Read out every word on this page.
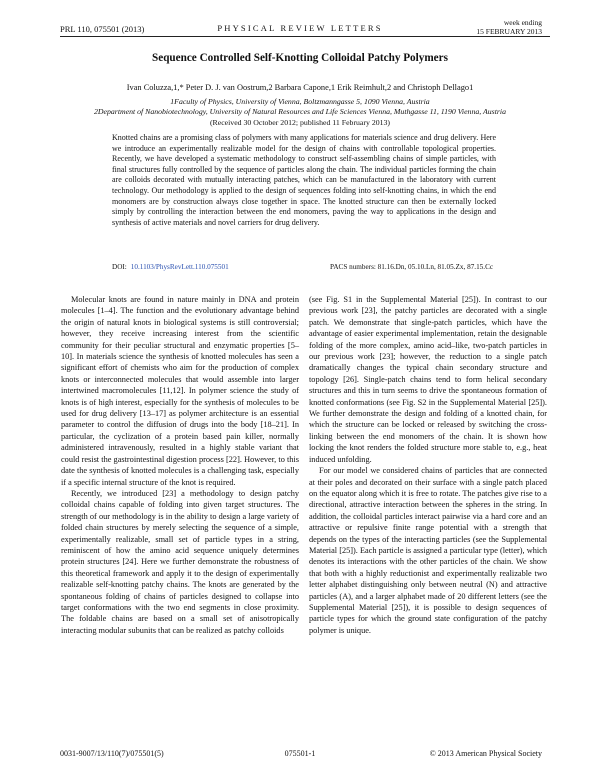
PRL 110, 075501 (2013)	PHYSICAL REVIEW LETTERS
week ending
15 FEBRUARY 2013
Sequence Controlled Self-Knotting Colloidal Patchy Polymers
Ivan Coluzza,1,* Peter D. J. van Oostrum,2 Barbara Capone,1 Erik Reimhult,2 and Christoph Dellago1
1Faculty of Physics, University of Vienna, Boltzmanngasse 5, 1090 Vienna, Austria
2Department of Nanobiotechnology, University of Natural Resources and Life Sciences Vienna, Muthgasse 11, 1190 Vienna, Austria
(Received 30 October 2012; published 11 February 2013)
Knotted chains are a promising class of polymers with many applications for materials science and drug delivery. Here we introduce an experimentally realizable model for the design of chains with controllable topological properties. Recently, we have developed a systematic methodology to construct self-assembling chains of simple particles, with final structures fully controlled by the sequence of particles along the chain. The individual particles forming the chain are colloids decorated with mutually interacting patches, which can be manufactured in the laboratory with current technology. Our methodology is applied to the design of sequences folding into self-knotting chains, in which the end monomers are by construction always close together in space. The knotted structure can then be externally locked simply by controlling the interaction between the end monomers, paving the way to applications in the design and synthesis of active materials and novel carriers for drug delivery.
DOI: 10.1103/PhysRevLett.110.075501	PACS numbers: 81.16.Dn, 05.10.Ln, 81.05.Zx, 87.15.Cc

Molecular knots are found in nature mainly in DNA and protein molecules [1–4]. The function and the evolutionary advantage behind the origin of natural knots in biological systems is still controversial; however, they receive increasing interest from the scientific community for their peculiar structural and enzymatic properties [5–10]. In materials science the synthesis of knotted molecules has seen a significant effort of chemists who aim for the production of complex knots or interconnected molecules that would assemble into larger intertwined macromolecules [11,12]. In polymer science the study of knots is of high interest, especially for the synthesis of molecules to be used for drug delivery [13–17] as polymer architecture is an essential parameter to control the diffusion of drugs into the body [18–21]. In particular, the cyclization of a protein based pain killer, normally administered intravenously, resulted in a highly stable variant that could resist the gastrointestinal digestion process [22]. However, to this date the synthesis of knotted molecules is a challenging task, especially if a specific internal structure of the knot is required.

Recently, we introduced [23] a methodology to design patchy colloidal chains capable of folding into given target structures. The strength of our methodology is in the ability to design a large variety of folded chain structures by merely selecting the sequence of a simple, experimentally realizable, small set of particle types in a string, reminiscent of how the amino acid sequence uniquely determines protein structures [24]. Here we further demonstrate the robustness of this theoretical framework and apply it to the design of experimentally realizable self-knotting patchy chains. The knots are generated by the spontaneous folding of chains of particles designed to collapse into target conformations with the two end segments in close proximity. The foldable chains are based on a small set of anisotropically interacting modular subunits that can be realized as patchy colloids

(see Fig. S1 in the Supplemental Material [25]). In contrast to our previous work [23], the patchy particles are decorated with a single patch. We demonstrate that single-patch particles, which have the advantage of easier experimental implementation, retain the designable folding of the more complex, amino acid–like, two-patch particles in our previous work [23]; however, the reduction to a single patch dramatically changes the typical chain secondary structure and topology [26]. Single-patch chains tend to form helical secondary structures and this in turn seems to drive the spontaneous formation of knotted conformations (see Fig. S2 in the Supplemental Material [25]). We further demonstrate the design and folding of a knotted chain, for which the structure can be locked or released by switching the cross-linking between the end monomers of the chain. It is shown how locking the knot renders the folded structure more stable to, e.g., heat induced unfolding.

For our model we considered chains of particles that are connected at their poles and decorated on their surface with a single patch placed on the equator along which it is free to rotate. The patches give rise to a directional, attractive interaction between the spheres in the string. In addition, the colloidal particles interact pairwise via a hard core and an attractive or repulsive finite range potential with a strength that depends on the types of the interacting particles (see the Supplemental Material [25]). Each particle is assigned a particular type (letter), which denotes its interactions with the other particles of the chain. We show that both with a highly reductionist and experimentally realizable two letter alphabet distinguishing only between neutral (N) and attractive particles (A), and a larger alphabet made of 20 different letters (see the Supplemental Material [25]), it is possible to design sequences of particle types for which the ground state configuration of the patchy polymer is unique.

0031-9007/13/110(7)/075501(5)	075501-1	© 2013 American Physical Society
